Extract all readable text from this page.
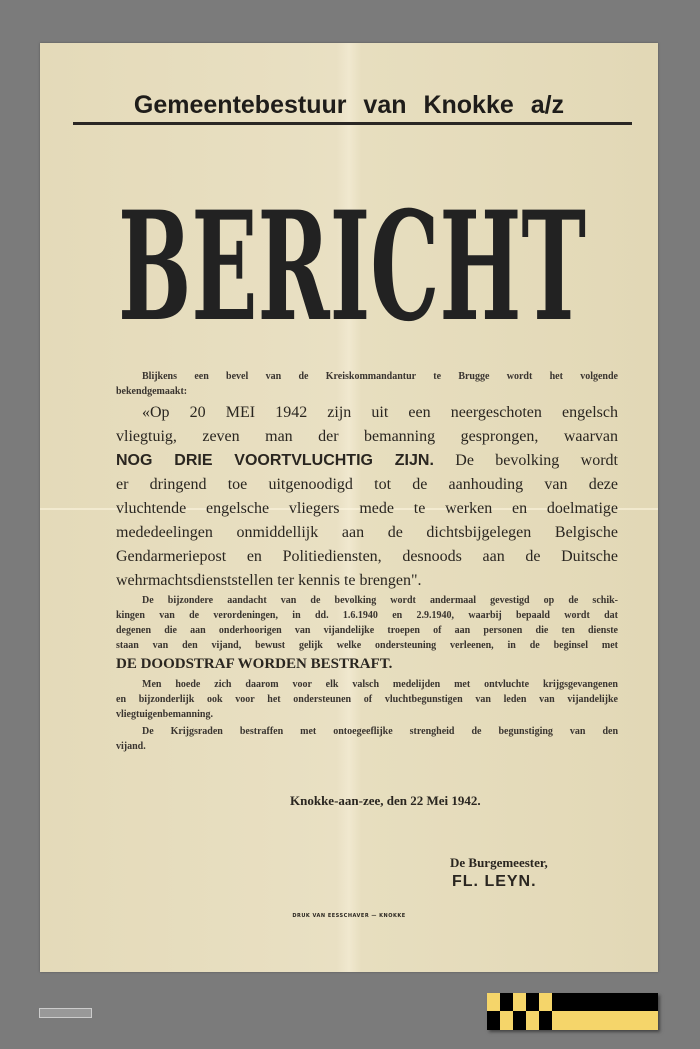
Gemeentebestuur van Knokke a/z
BERICHT
Blijkens een bevel van de Kreiskommandantur te Brugge wordt het volgende
bekendgemaakt:
«Op 20 MEI 1942 zijn uit een neergeschoten engelsch
vliegtuig, zeven man der bemanning gesprongen, waarvan
NOG DRIE VOORTVLUCHTIG ZIJN. De bevolking wordt
er dringend toe uitgenoodigd tot de aanhouding van deze
vluchtende engelsche vliegers mede te werken en doelmatige
mededeelingen onmiddellijk aan de dichtsbijgelegen Belgische
Gendarmeriepost en Politiediensten, desnoods aan de Duitsche
wehrmachtsdienststellen ter kennis te brengen".
De bijzondere aandacht van de bevolking wordt andermaal gevestigd op de schik-
kingen van de verordeningen, in dd. 1.6.1940 en 2.9.1940, waarbij bepaald wordt dat
degenen die aan onderhoorigen van vijandelijke troepen of aan personen die ten dienste
staan van den vijand, bewust gelijk welke ondersteuning verleenen, in de beginsel met
DE DOODSTRAF WORDEN BESTRAFT.
Men hoede zich daarom voor elk valsch medelijden met ontvluchte krijgsgevangenen
en bijzonderlijk ook voor het ondersteunen of vluchtbegunstigen van leden van vijandelijke
vliegtuigenbemanning.
De Krijgsraden bestraffen met ontoegeeflijke strengheid de begunstiging van den
vijand.
Knokke-aan-zee, den 22 Mei 1942.
De Burgemeester,
FL. LEYN.
DRUK VAN EESSCHAVER — KNOKKE
